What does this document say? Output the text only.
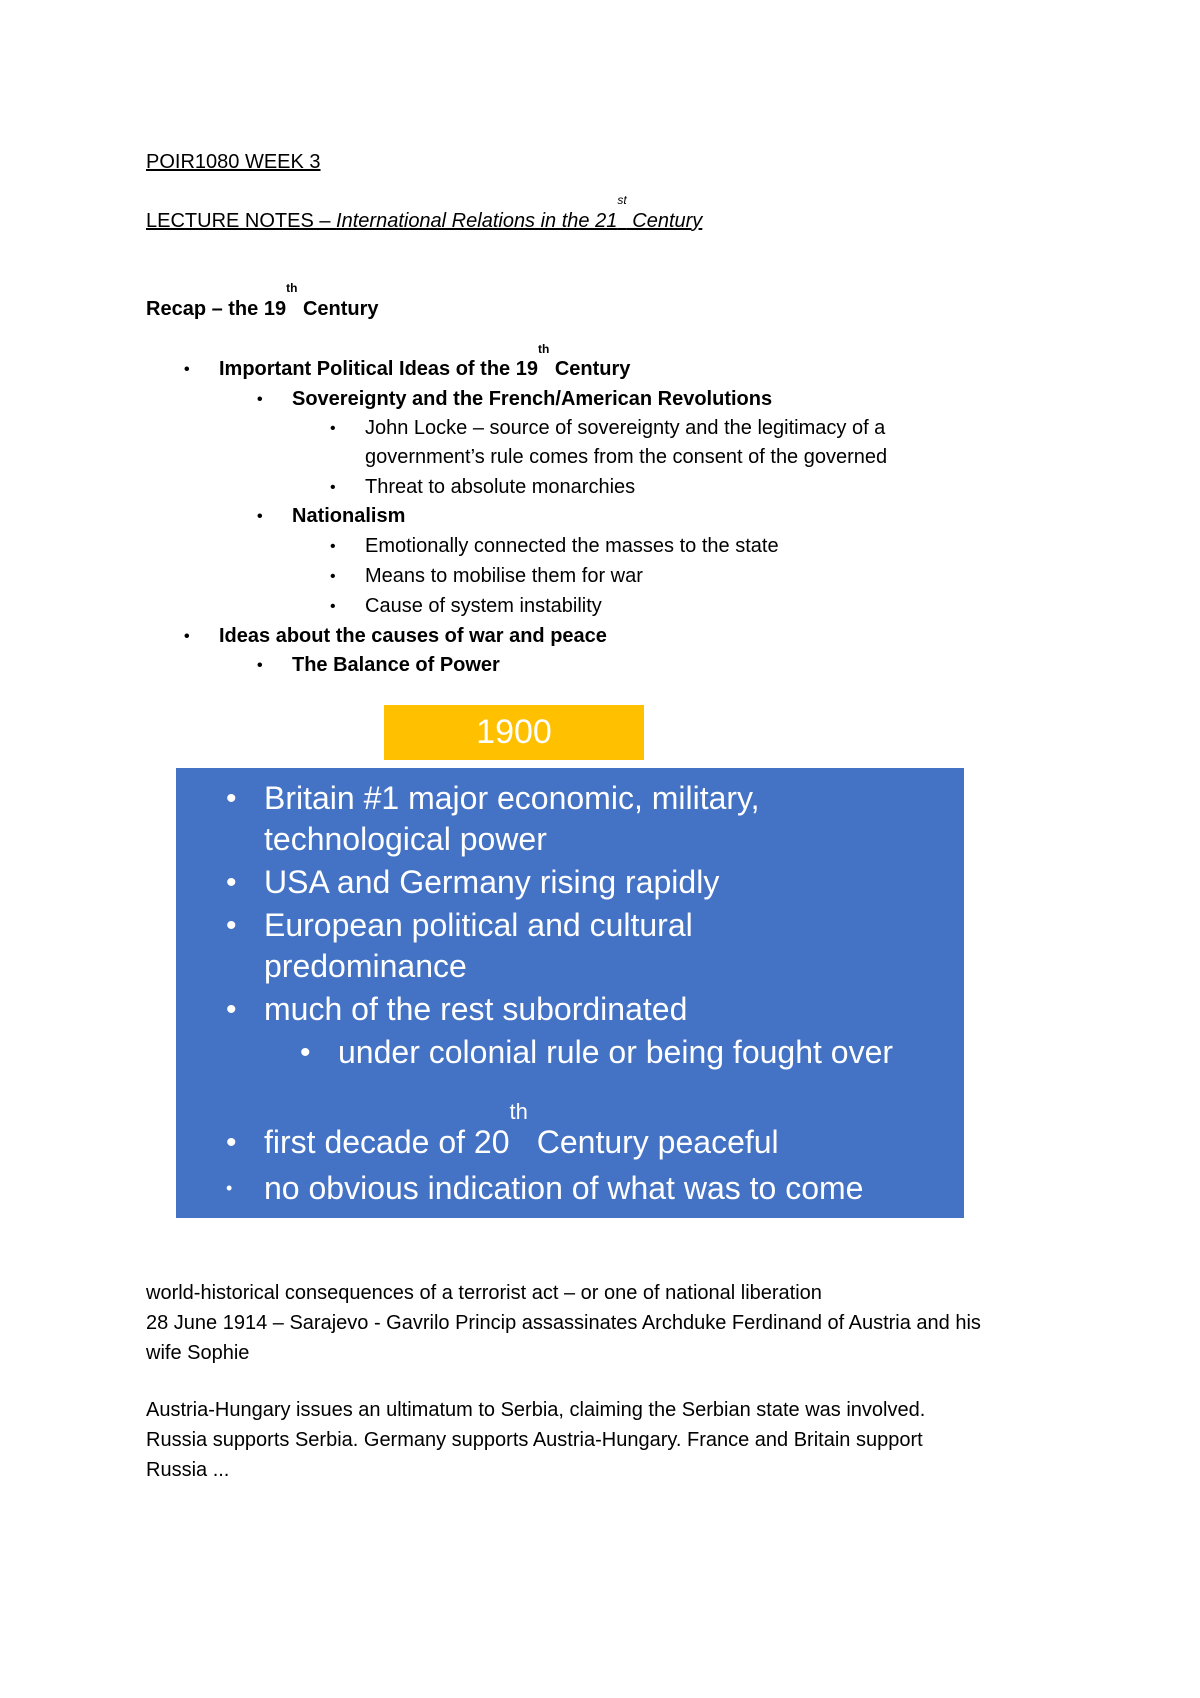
POIR1080 WEEK 3
LECTURE NOTES – International Relations in the 21st Century
Recap – the 19th Century
• Important Political Ideas of the 19th Century
• Sovereignty and the French/American Revolutions
• John Locke – source of sovereignty and the legitimacy of a
government’s rule comes from the consent of the governed
• Threat to absolute monarchies
• Nationalism
• Emotionally connected the masses to the state
• Means to mobilise them for war
• Cause of system instability
• Ideas about the causes of war and peace
• The Balance of Power
1900
• Britain #1 major economic, military, technological power
• USA and Germany rising rapidly
• European political and cultural predominance
• much of the rest subordinated
• under colonial rule or being fought over
• first decade of 20th Century peaceful
• no obvious indication of what was to come
world-historical consequences of a terrorist act – or one of national liberation
28 June 1914 – Sarajevo - Gavrilo Princip assassinates Archduke Ferdinand of Austria and his
wife Sophie
Austria-Hungary issues an ultimatum to Serbia, claiming the Serbian state was involved.
Russia supports Serbia. Germany supports Austria-Hungary. France and Britain support
Russia ...
